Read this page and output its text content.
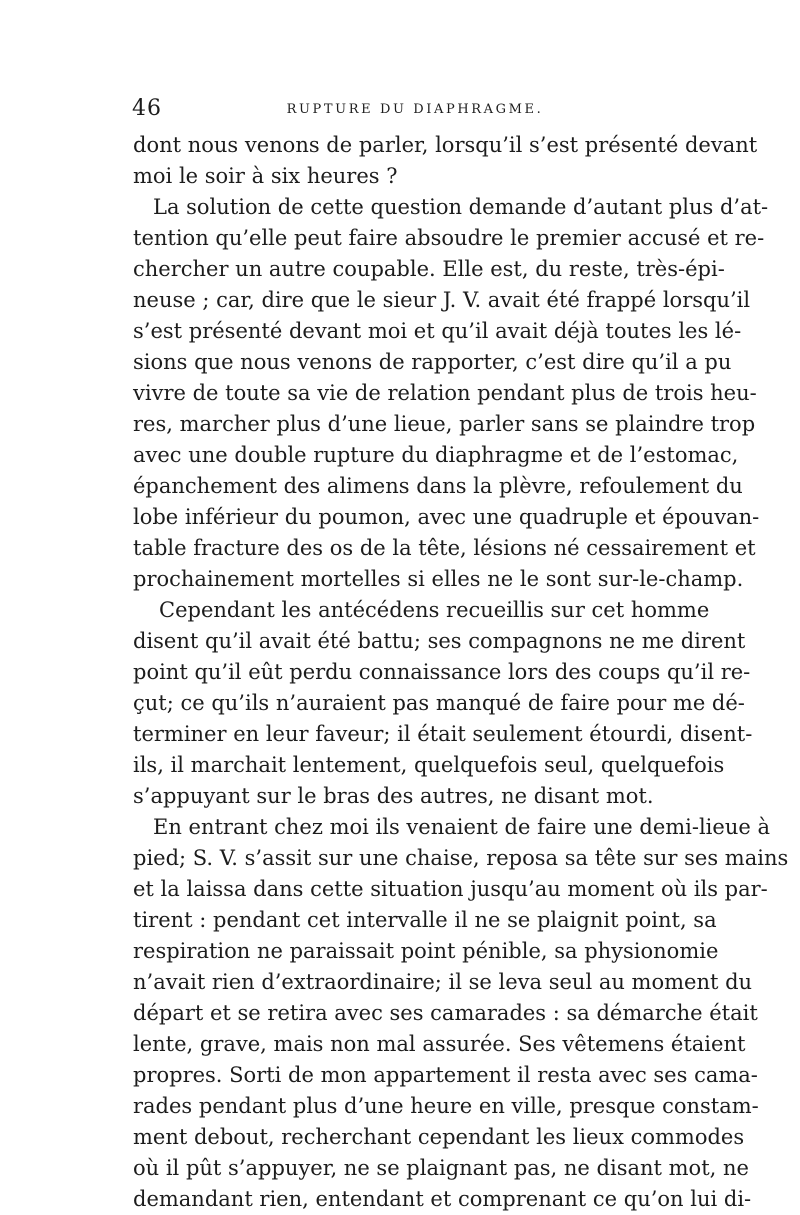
46	RUPTURE DU DIAPHRAGME.
dont nous venons de parler, lorsqu’il s’est présenté devant
moi le soir à six heures ?
La solution de cette question demande d’autant plus d’at-
tention qu’elle peut faire absoudre le premier accusé et re-
chercher un autre coupable. Elle est, du reste, très-épi-
neuse ; car, dire que le sieur J. V. avait été frappé lorsqu’il
s’est présenté devant moi et qu’il avait déjà toutes les lé-
sions que nous venons de rapporter, c’est dire qu’il a pu
vivre de toute sa vie de relation pendant plus de trois heu-
res, marcher plus d’une lieue, parler sans se plaindre trop
avec une double rupture du diaphragme et de l’estomac,
épanchement des alimens dans la plèvre, refoulement du
lobe inférieur du poumon, avec une quadruple et épouvan-
table fracture des os de la tête, lésions né cessairement et
prochainement mortelles si elles ne le sont sur-le-champ.
Cependant les antécédens recueillis sur cet homme
disent qu’il avait été battu; ses compagnons ne me dirent
point qu’il eût perdu connaissance lors des coups qu’il re-
çut; ce qu’ils n’auraient pas manqué de faire pour me dé-
terminer en leur faveur; il était seulement étourdi, disent-
ils, il marchait lentement, quelquefois seul, quelquefois
s’appuyant sur le bras des autres, ne disant mot.
En entrant chez moi ils venaient de faire une demi-lieue à
pied; S. V. s’assit sur une chaise, reposa sa tête sur ses mains
et la laissa dans cette situation jusqu’au moment où ils par-
tirent : pendant cet intervalle il ne se plaignit point, sa
respiration ne paraissait point pénible, sa physionomie
n’avait rien d’extraordinaire; il se leva seul au moment du
départ et se retira avec ses camarades : sa démarche était
lente, grave, mais non mal assurée. Ses vêtemens étaient
propres. Sorti de mon appartement il resta avec ses cama-
rades pendant plus d’une heure en ville, presque constam-
ment debout, recherchant cependant les lieux commodes
où il pût s’appuyer, ne se plaignant pas, ne disant mot, ne
demandant rien, entendant et comprenant ce qu’on lui di-
